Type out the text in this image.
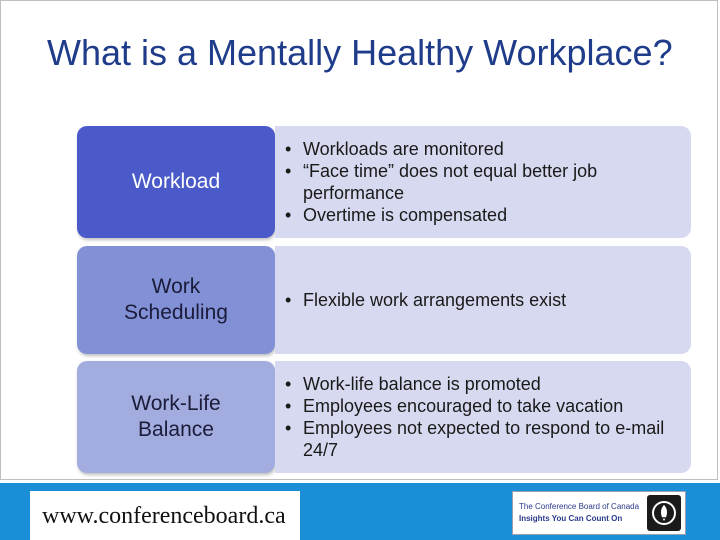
What is a Mentally Healthy Workplace?
Workload
• Workloads are monitored
• “Face time” does not equal better job performance
• Overtime is compensated
Work
Scheduling
• Flexible work arrangements exist
Work-Life
Balance
• Work-life balance is promoted
• Employees encouraged to take vacation
• Employees not expected to respond to e-mail 24/7
www.conferenceboard.ca	The Conference Board of Canada
Insights You Can Count On
